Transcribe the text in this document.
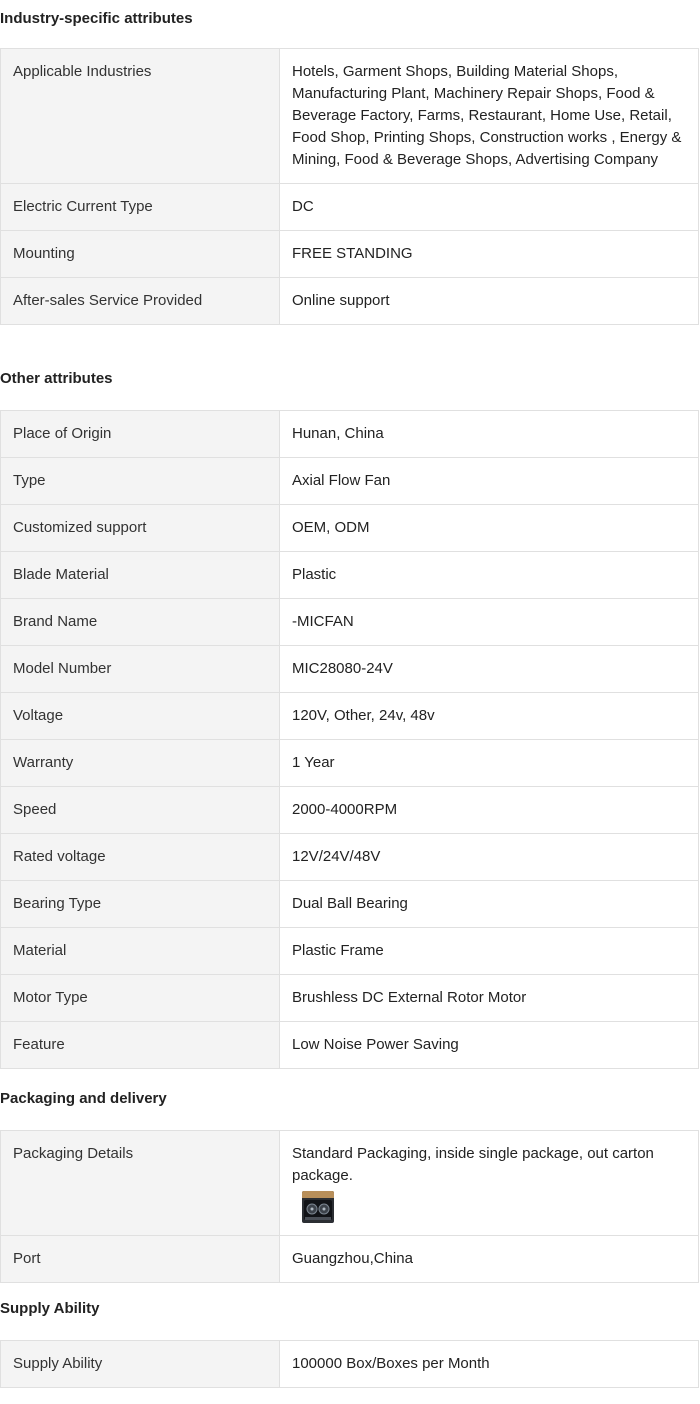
Industry-specific attributes
Applicable Industries	Hotels, Garment Shops, Building Material Shops, Manufacturing Plant, Machinery Repair Shops, Food & Beverage Factory, Farms, Restaurant, Home Use, Retail, Food Shop, Printing Shops, Construction works , Energy & Mining, Food & Beverage Shops, Advertising Company
Electric Current Type	DC
Mounting	FREE STANDING
After-sales Service Provided	Online support
Other attributes
Place of Origin	Hunan, China
Type	Axial Flow Fan
Customized support	OEM, ODM
Blade Material	Plastic
Brand Name	-MICFAN
Model Number	MIC28080-24V
Voltage	120V, Other, 24v, 48v
Warranty	1 Year
Speed	2000-4000RPM
Rated voltage	12V/24V/48V
Bearing Type	Dual Ball Bearing
Material	Plastic Frame
Motor Type	Brushless DC External Rotor Motor
Feature	Low Noise Power Saving
Packaging and delivery
Packaging Details	Standard Packaging, inside single package, out carton package.

Port	Guangzhou,China
Supply Ability
Supply Ability	100000 Box/Boxes per Month
